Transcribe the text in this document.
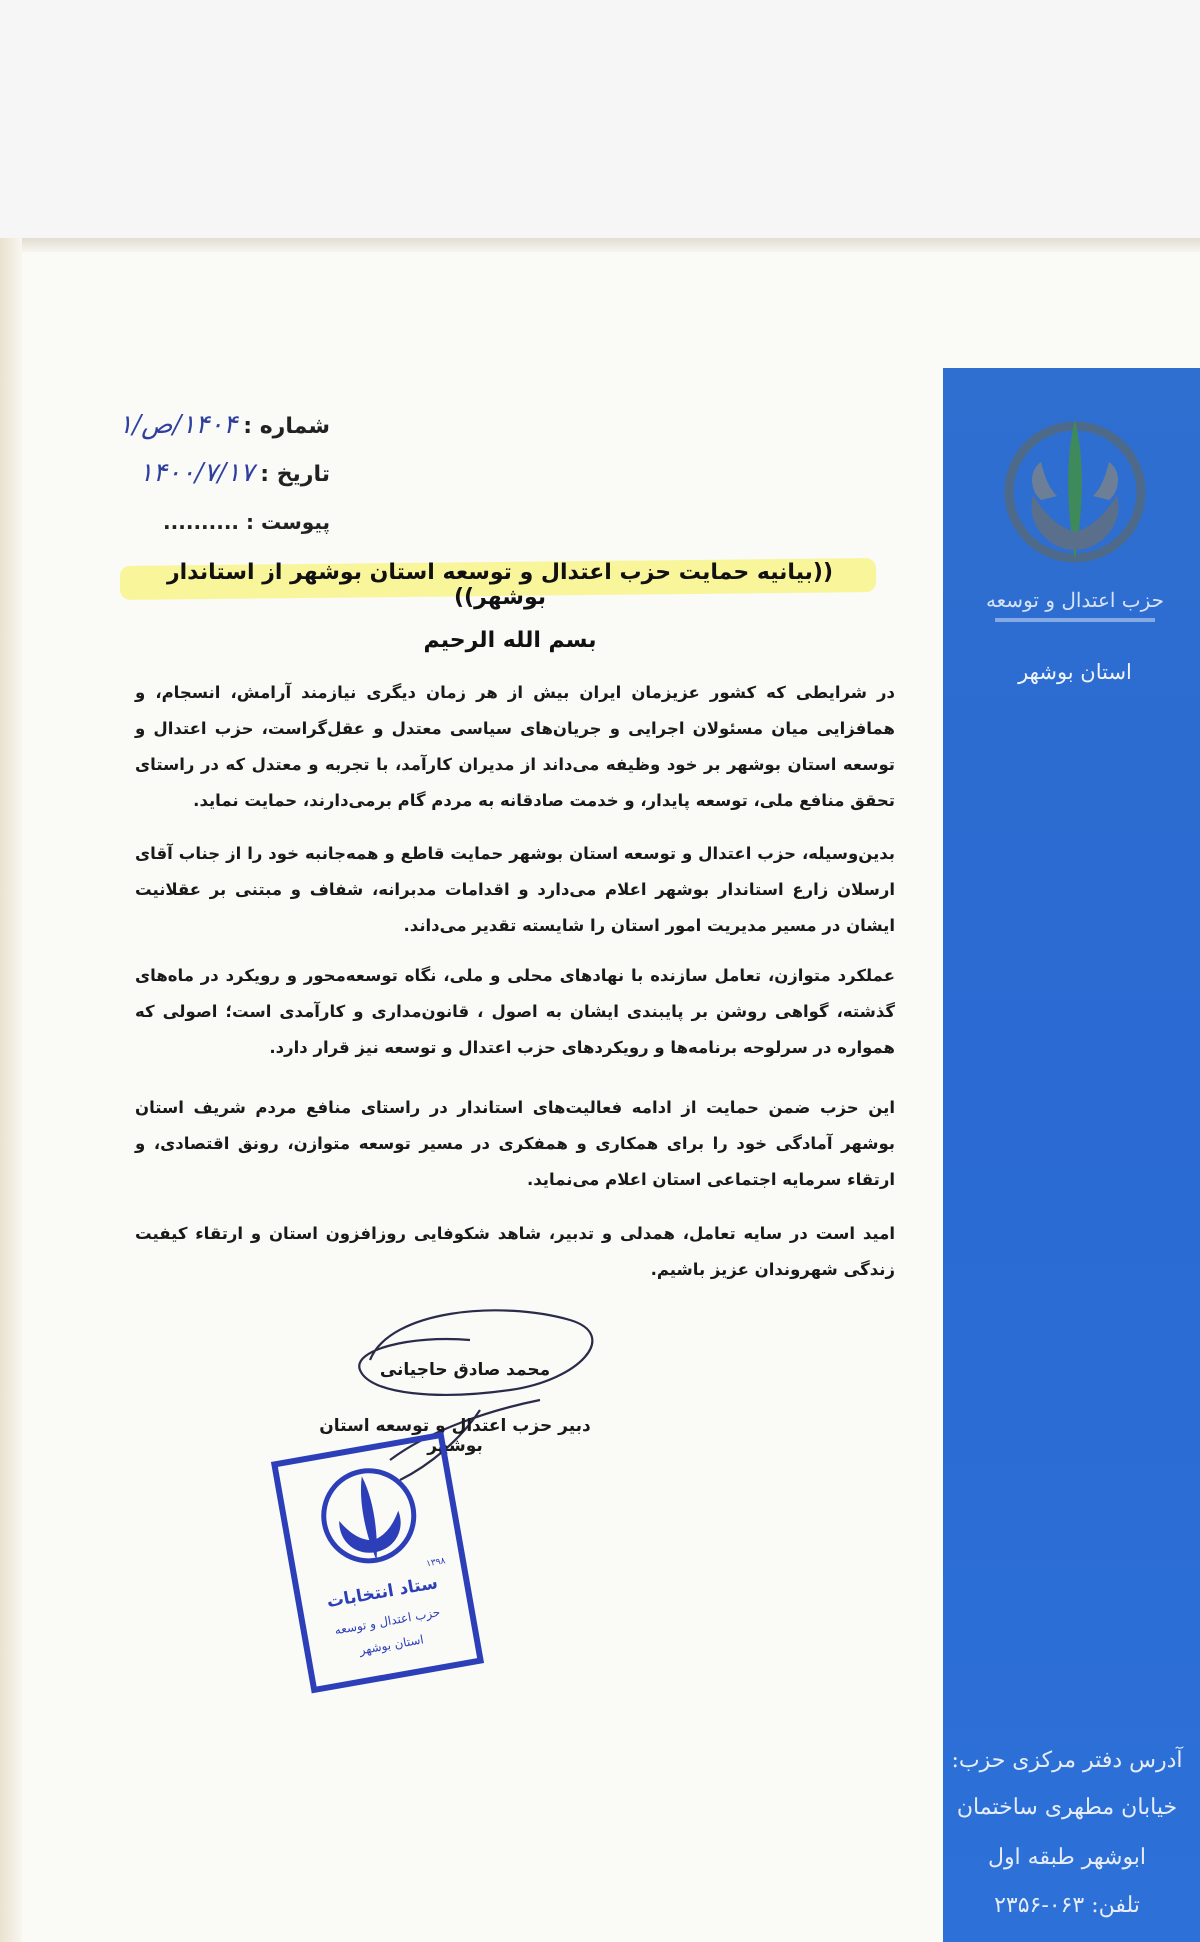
حزب اعتدال و توسعه
استان بوشهر
آدرس دفتر مرکزی حزب:
خیابان مطهری ساختمان
ابوشهر طبقه اول
تلفن: ۰۶۳-۲۳۵۶
شماره :۱۴۰۴/ص/۱
تاریخ :۱۴۰۰/۷/۱۷
پیوست : ..........
((بیانیه حمایت حزب اعتدال و توسعه استان بوشهر از استاندار بوشهر))
بسم الله الرحیم
در شرایطی که کشور عزیزمان ایران بیش از هر زمان دیگری نیازمند آرامش، انسجام، و همافزایی میان مسئولان اجرایی و جریان‌های سیاسی معتدل و عقل‌گراست، حزب اعتدال و توسعه استان بوشهر بر خود وظیفه می‌داند از مدیران کارآمد، با تجربه و معتدل که در راستای تحقق منافع ملی، توسعه پایدار، و خدمت صادقانه به مردم گام برمی‌دارند، حمایت نماید.
بدین‌وسیله، حزب اعتدال و توسعه استان بوشهر حمایت قاطع و همه‌جانبه خود را از جناب آقای ارسلان زارع استاندار بوشهر اعلام می‌دارد و اقدامات مدبرانه، شفاف و مبتنی بر عقلانیت ایشان در مسیر مدیریت امور استان را شایسته تقدیر می‌داند.
عملکرد متوازن، تعامل سازنده با نهادهای محلی و ملی، نگاه توسعه‌محور و رویکرد در ماه‌های گذشته، گواهی روشن بر پایبندی ایشان به اصول ، قانون‌مداری و کارآمدی است؛ اصولی که همواره در سرلوحه برنامه‌ها و رویکردهای حزب اعتدال و توسعه نیز قرار دارد.
این حزب ضمن حمایت از ادامه فعالیت‌های استاندار در راستای منافع مردم شریف استان بوشهر آمادگی خود را برای همکاری و همفکری در مسیر توسعه متوازن، رونق اقتصادی، و ارتقاء سرمایه اجتماعی استان اعلام می‌نماید.
امید است در سایه تعامل، همدلی و تدبیر، شاهد شکوفایی روزافزون استان و ارتقاء کیفیت زندگی شهروندان عزیز باشیم.
محمد صادق حاجیانی
دبیر حزب اعتدال و توسعه استان بوشهر
۱۳۹۸
ستاد انتخابات
حزب اعتدال و توسعه
استان بوشهر
